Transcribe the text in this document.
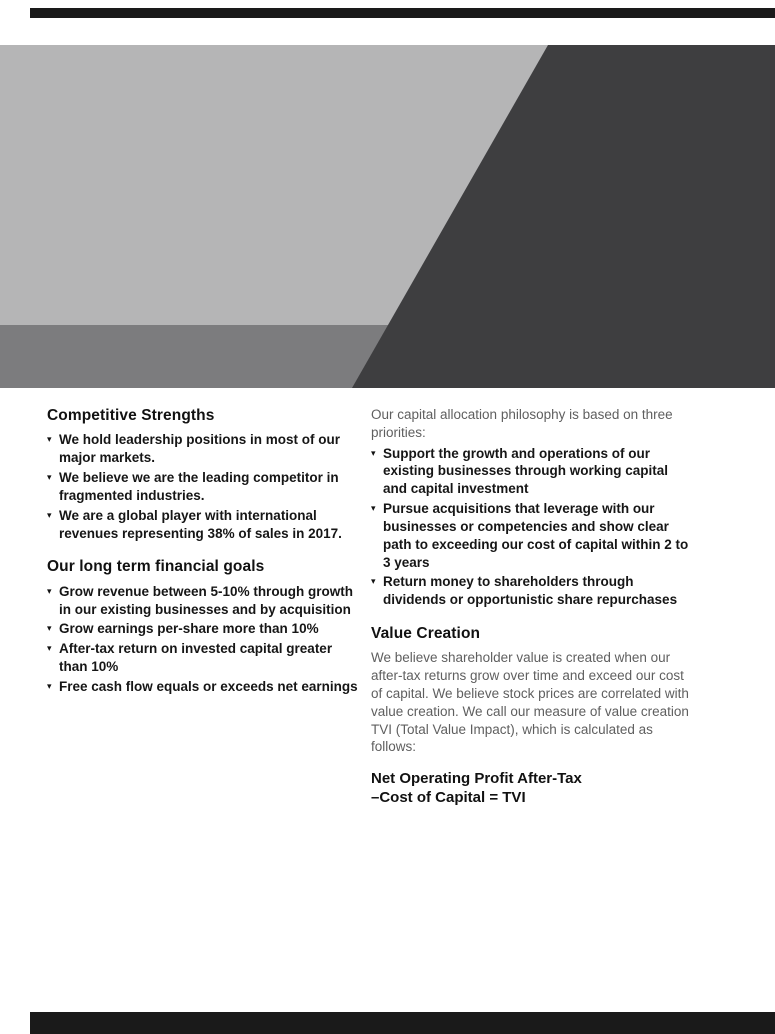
Competitive Strengths
▾ We hold leadership positions in most of our major markets.
▾ We believe we are the leading competitor in fragmented industries.
▾ We are a global player with international revenues representing 38% of sales in 2017.
Our long term financial goals
▾ Grow revenue between 5-10% through growth in our existing businesses and by acquisition
▾ Grow earnings per-share more than 10%
▾ After-tax return on invested capital greater than 10%
▾ Free cash flow equals or exceeds net earnings

Our capital allocation philosophy is based on three priorities:

▾ Support the growth and operations of our existing businesses through working capital and capital investment
▾ Pursue acquisitions that leverage with our businesses or competencies and show clear path to exceeding our cost of capital within 2 to 3 years
▾ Return money to shareholders through dividends or opportunistic share repurchases
Value Creation

We believe shareholder value is created when our after-tax returns grow over time and exceed our cost of capital. We believe stock prices are correlated with value creation. We call our measure of value creation TVI (Total Value Impact), which is calculated as follows:

Net Operating Profit After-Tax
–Cost of Capital = TVI
